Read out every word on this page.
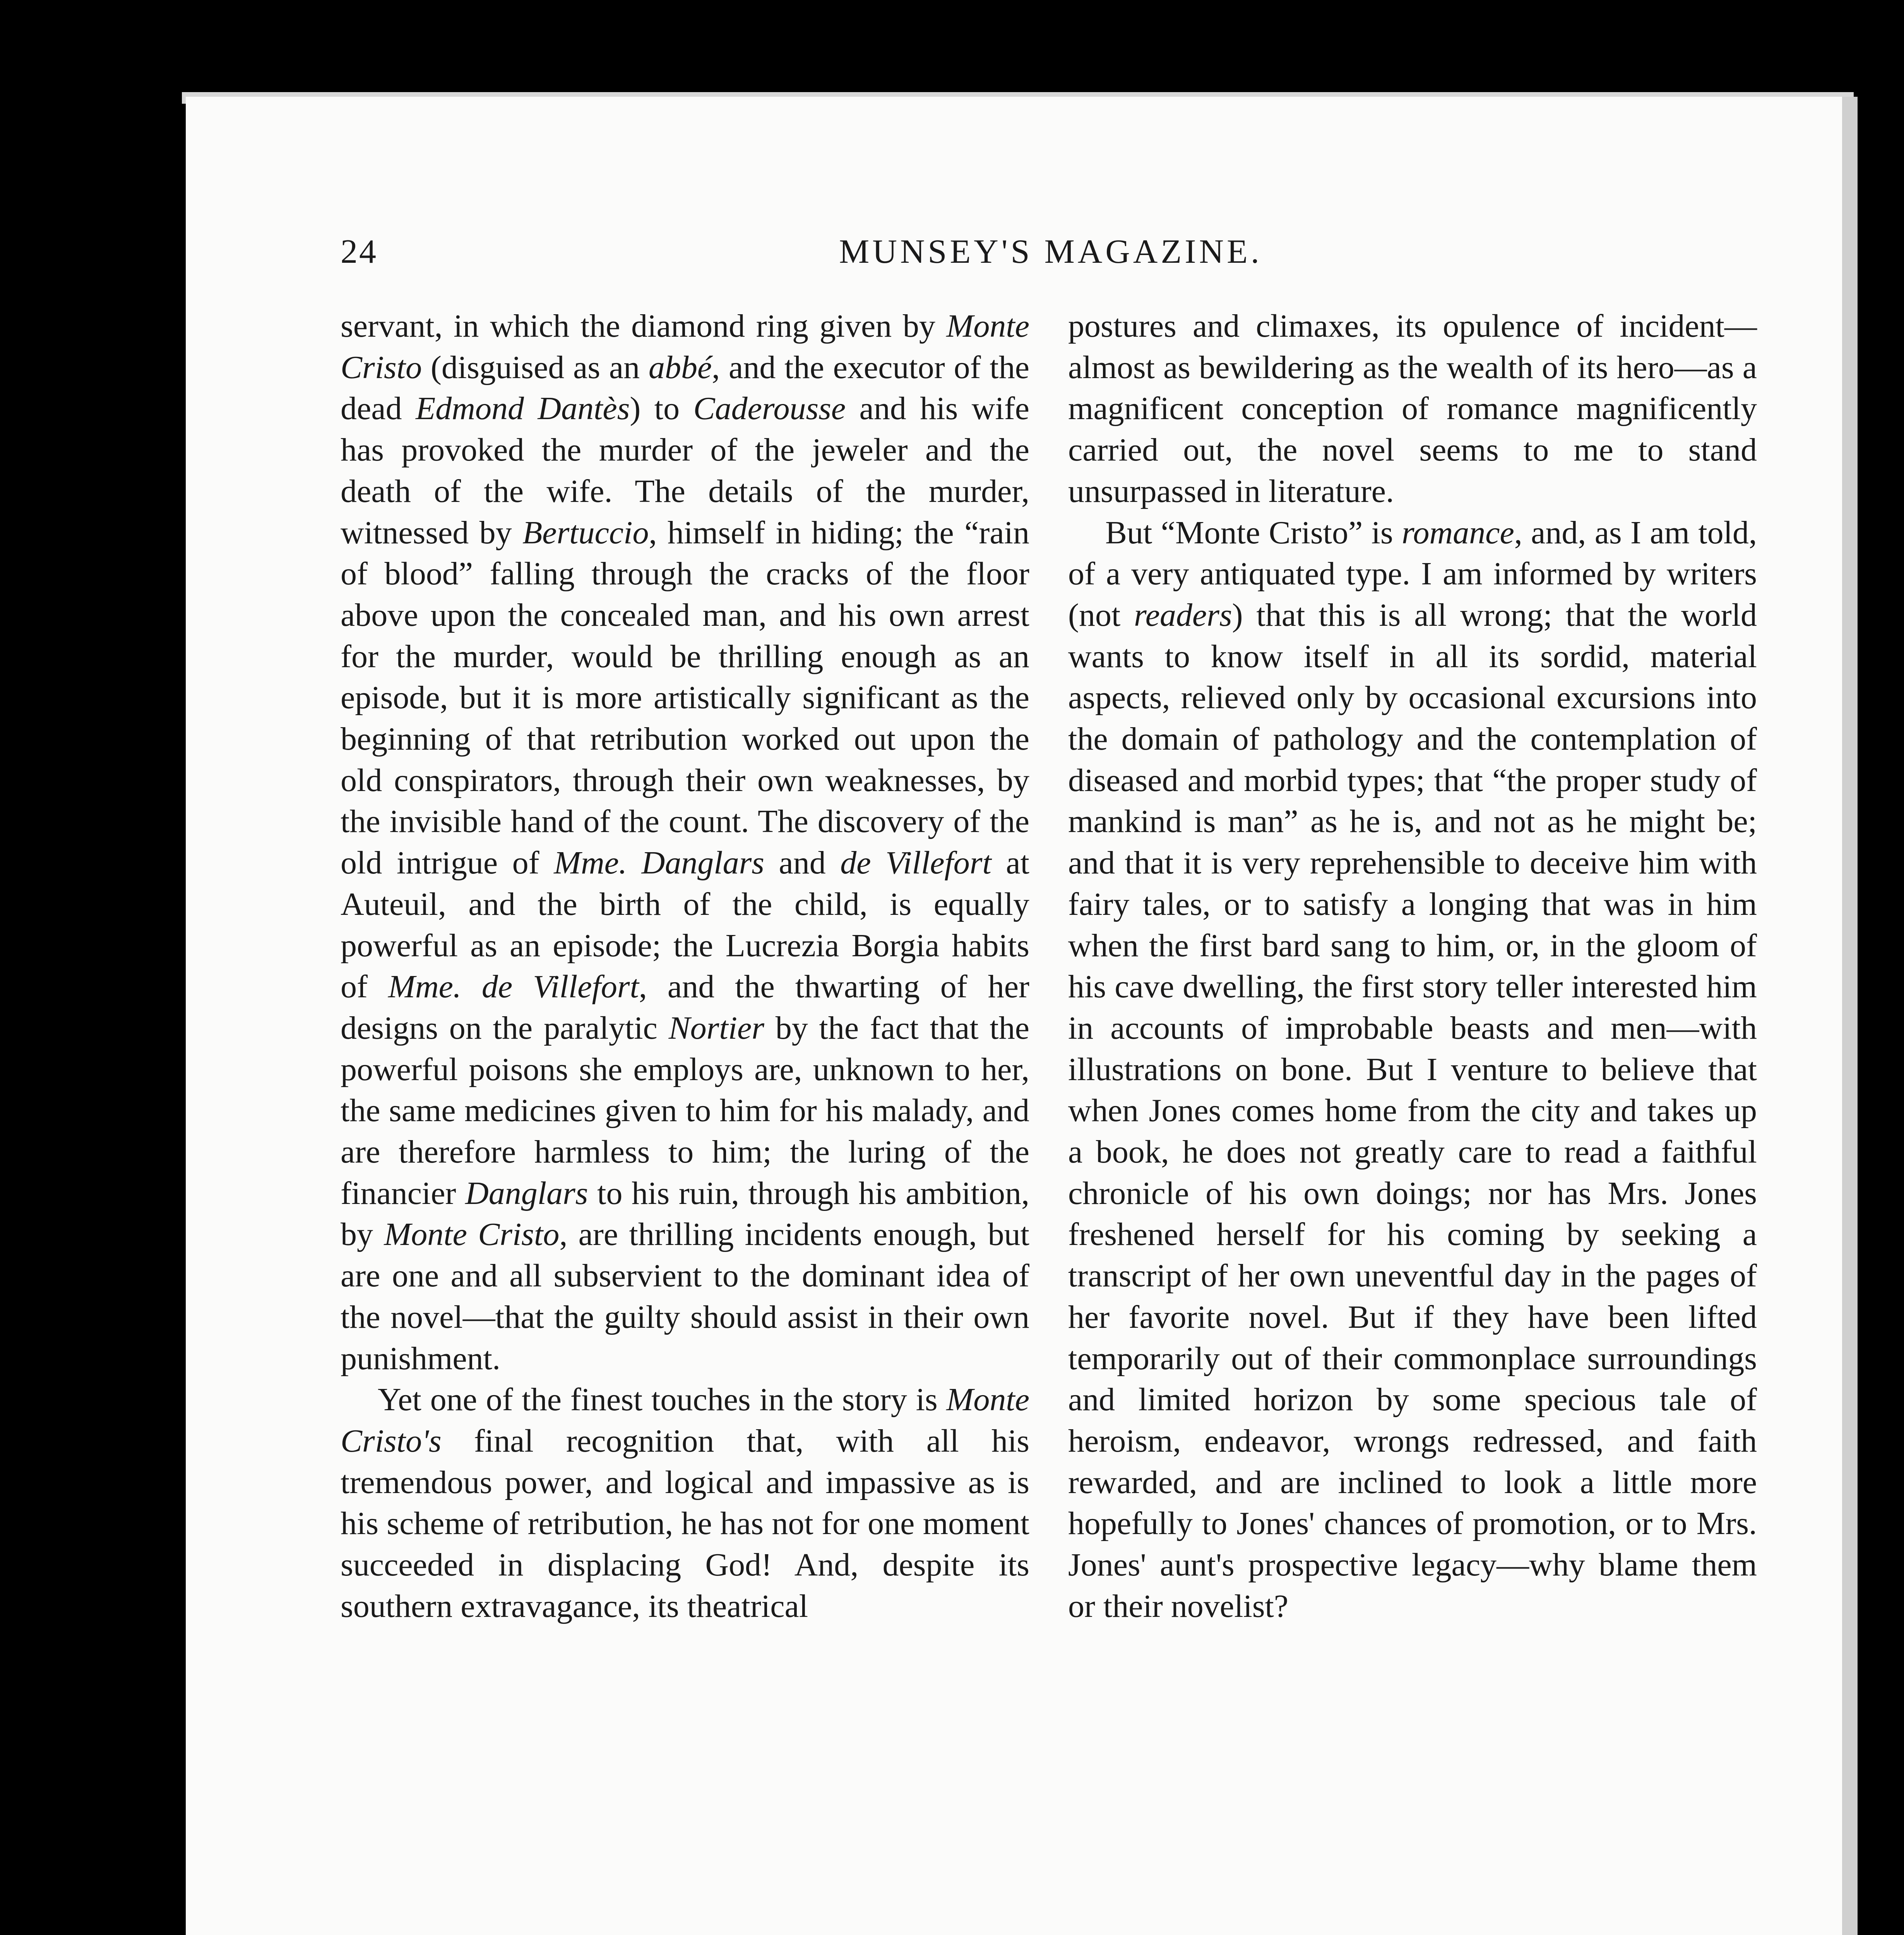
24	MUNSEY'S MAGAZINE.

servant, in which the diamond ring given by Monte Cristo (disguised as an abbé, and the executor of the dead Edmond Dantès) to Caderousse and his wife has provoked the murder of the jeweler and the death of the wife. The details of the murder, witnessed by Bertuccio, himself in hiding; the “rain of blood” falling through the cracks of the floor above upon the concealed man, and his own arrest for the murder, would be thrilling enough as an episode, but it is more artistically significant as the beginning of that retribution worked out upon the old conspirators, through their own weaknesses, by the invisible hand of the count. The discovery of the old intrigue of Mme. Danglars and de Villefort at Auteuil, and the birth of the child, is equally powerful as an episode; the Lucrezia Borgia habits of Mme. de Villefort, and the thwarting of her designs on the paralytic Nortier by the fact that the powerful poisons she employs are, unknown to her, the same medicines given to him for his malady, and are therefore harmless to him; the luring of the financier Danglars to his ruin, through his ambition, by Monte Cristo, are thrilling incidents enough, but are one and all subservient to the dominant idea of the novel—that the guilty should assist in their own punishment.

Yet one of the finest touches in the story is Monte Cristo's final recognition that, with all his tremendous power, and logical and impassive as is his scheme of retribution, he has not for one moment succeeded in displacing God! And, despite its southern extravagance, its theatrical

postures and climaxes, its opulence of incident—almost as bewildering as the wealth of its hero—as a magnificent conception of romance magnificently carried out, the novel seems to me to stand unsurpassed in literature.

But “Monte Cristo” is romance, and, as I am told, of a very antiquated type. I am informed by writers (not readers) that this is all wrong; that the world wants to know itself in all its sordid, material aspects, relieved only by occasional excursions into the domain of pathology and the contemplation of diseased and morbid types; that “the proper study of mankind is man” as he is, and not as he might be; and that it is very reprehensible to deceive him with fairy tales, or to satisfy a longing that was in him when the first bard sang to him, or, in the gloom of his cave dwelling, the first story teller interested him in accounts of improbable beasts and men—with illustrations on bone. But I venture to believe that when Jones comes home from the city and takes up a book, he does not greatly care to read a faithful chronicle of his own doings; nor has Mrs. Jones freshened herself for his coming by seeking a transcript of her own uneventful day in the pages of her favorite novel. But if they have been lifted temporarily out of their commonplace surroundings and limited horizon by some specious tale of heroism, endeavor, wrongs redressed, and faith rewarded, and are inclined to look a little more hopefully to Jones' chances of promotion, or to Mrs. Jones' aunt's prospective legacy—why blame them or their novelist?
